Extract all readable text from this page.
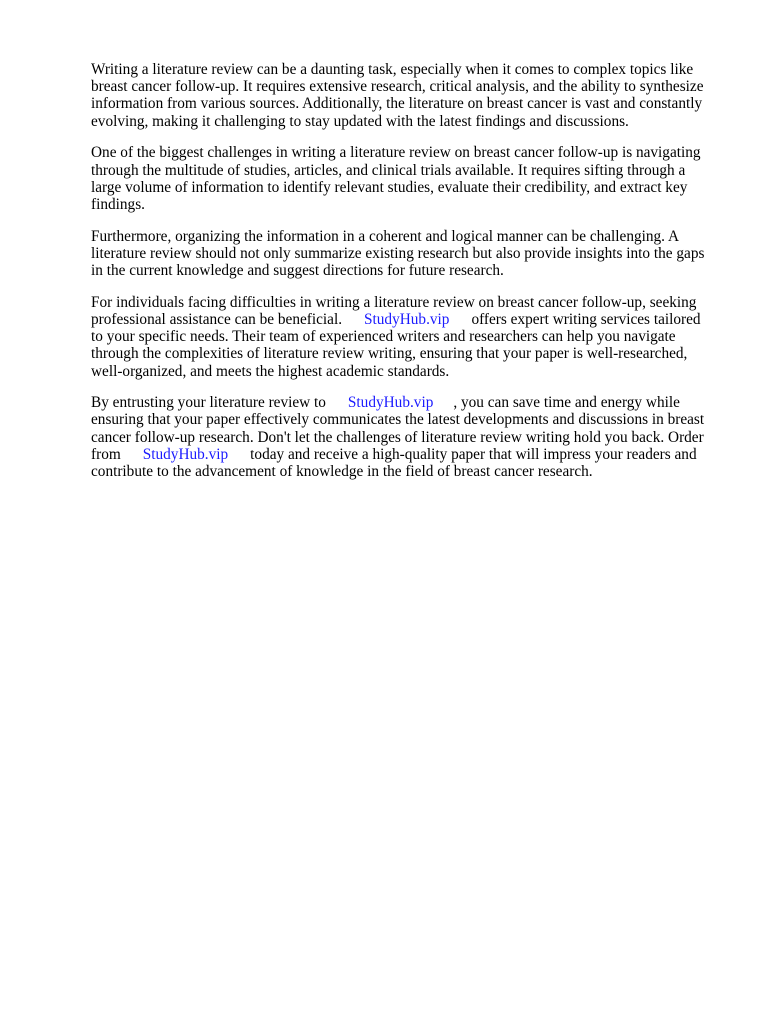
Writing a literature review can be a daunting task, especially when it comes to complex topics like breast cancer follow-up. It requires extensive research, critical analysis, and the ability to synthesize information from various sources. Additionally, the literature on breast cancer is vast and constantly evolving, making it challenging to stay updated with the latest findings and discussions.

One of the biggest challenges in writing a literature review on breast cancer follow-up is navigating through the multitude of studies, articles, and clinical trials available. It requires sifting through a large volume of information to identify relevant studies, evaluate their credibility, and extract key findings.

Furthermore, organizing the information in a coherent and logical manner can be challenging. A literature review should not only summarize existing research but also provide insights into the gaps in the current knowledge and suggest directions for future research.

For individuals facing difficulties in writing a literature review on breast cancer follow-up, seeking professional assistance can be beneficial. StudyHub.vip offers expert writing services tailored to your specific needs. Their team of experienced writers and researchers can help you navigate through the complexities of literature review writing, ensuring that your paper is well-researched, well-organized, and meets the highest academic standards.

By entrusting your literature review to StudyHub.vip , you can save time and energy while ensuring that your paper effectively communicates the latest developments and discussions in breast cancer follow-up research. Don't let the challenges of literature review writing hold you back. Order from StudyHub.vip today and receive a high-quality paper that will impress your readers and contribute to the advancement of knowledge in the field of breast cancer research.
